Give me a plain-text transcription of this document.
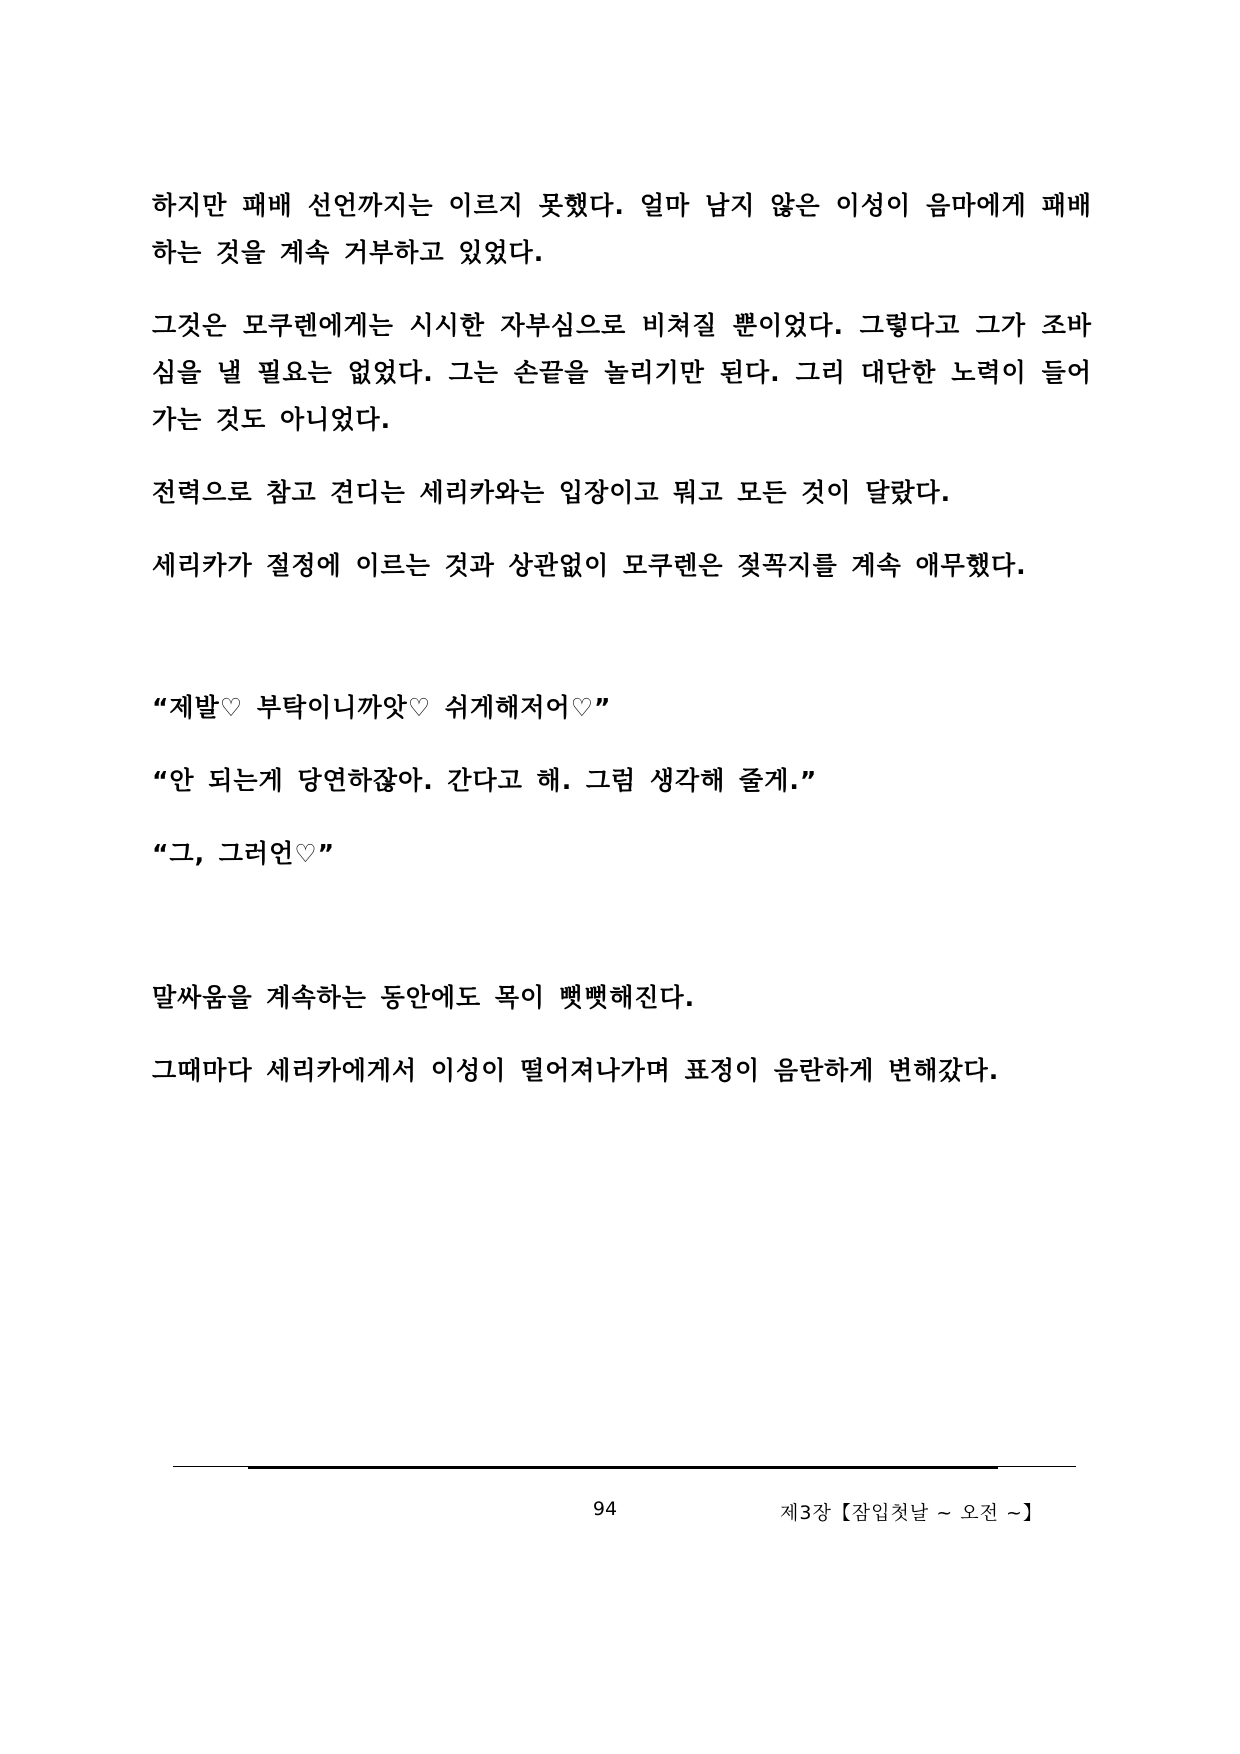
하지만 패배 선언까지는 이르지 못했다. 얼마 남지 않은 이성이 음마에게 패배하는 것을 계속 거부하고 있었다.

그것은 모쿠렌에게는 시시한 자부심으로 비쳐질 뿐이었다. 그렇다고 그가 조바심을 낼 필요는 없었다. 그는 손끝을 놀리기만 된다. 그리 대단한 노력이 들어가는 것도 아니었다.

전력으로 참고 견디는 세리카와는 입장이고 뭐고 모든 것이 달랐다.

세리카가 절정에 이르는 것과 상관없이 모쿠렌은 젖꼭지를 계속 애무했다.

“제발♡ 부탁이니까앗♡ 쉬게해저어♡”

“안 되는게 당연하잖아. 간다고 해. 그럼 생각해 줄게.”

“그, 그러언♡”

말싸움을 계속하는 동안에도 목이 뻣뻣해진다.

그때마다 세리카에게서 이성이 떨어져나가며 표정이 음란하게 변해갔다.

94	제3장【잠입첫날 ~ 오전 ~】
